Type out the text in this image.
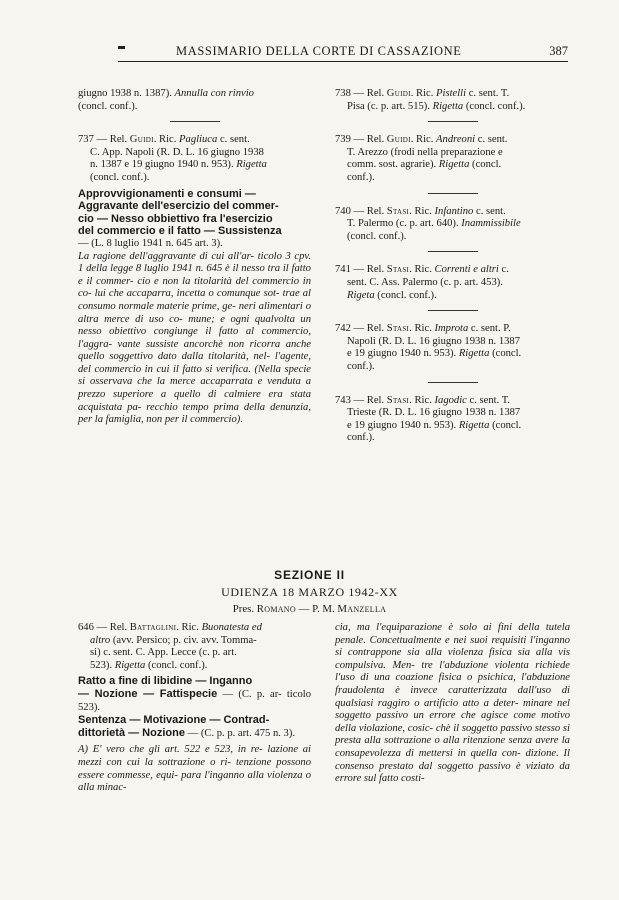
MASSIMARIO DELLA CORTE DI CASSAZIONE	387
giugno 1938 n. 1387). Annulla con rinvio
(concl. conf.).
737 — Rel. Guidi. Ric. Pagliuca c. sent.
C. App. Napoli (R. D. L. 16 giugno 1938
n. 1387 e 19 giugno 1940 n. 953). Rigetta
(concl. conf.).
Approvvigionamenti e consumi —
Aggravante dell'esercizio del commer-
cio — Nesso obbiettivo fra l'esercizio
del commercio e il fatto — Sussistenza
— (L. 8 luglio 1941 n. 645 art. 3).
La ragione dell'aggravante di cui all'ar- ticolo 3 cpv. 1 della legge 8 luglio 1941 n. 645 è il nesso tra il fatto e il commer- cio e non la titolarità del commercio in co- lui che accaparra, incetta o comunque sot- trae al consumo normale materie prime, ge- neri alimentari o altra merce di uso co- mune; e ogni qualvolta un nesso obiettivo congiunge il fatto al commercio, l'aggra- vante sussiste ancorchè non ricorra anche quello soggettivo dato dalla titolarità, nel- l'agente, del commercio in cui il fatto si verifica. (Nella specie si osservava che la merce accaparrata e venduta a prezzo superiore a quello di calmiere era stata acquistata pa- recchio tempo prima della denunzia, per la famiglia, non per il commercio).
738 — Rel. Guidi. Ric. Pistelli c. sent. T.
Pisa (c. p. art. 515). Rigetta (concl. conf.).
739 — Rel. Guidi. Ric. Andreoni c. sent.
T. Arezzo (frodi nella preparazione e
comm. sost. agrarie). Rigetta (concl.
conf.).
740 — Rel. Stasi. Ric. Infantino c. sent.
T. Palermo (c. p. art. 640). Inammissibile
(concl. conf.).
741 — Rel. Stasi. Ric. Correnti e altri c.
sent. C. Ass. Palermo (c. p. art. 453).
Rigeta (concl. conf.).
742 — Rel. Stasi. Ric. Improta c. sent. P.
Napoli (R. D. L. 16 giugno 1938 n. 1387
e 19 giugno 1940 n. 953). Rigetta (concl.
conf.).
743 — Rel. Stasi. Ric. Iagodic c. sent. T.
Trieste (R. D. L. 16 giugno 1938 n. 1387
e 19 giugno 1940 n. 953). Rigetta (concl.
conf.).
SEZIONE II
UDIENZA 18 MARZO 1942-XX
Pres. Romano — P. M. Manzella
646 — Rel. Battaglini. Ric. Buonatesta ed
altro (avv. Persico; p. civ. avv. Tomma-
si) c. sent. C. App. Lecce (c. p. art.
523). Rigetta (concl. conf.).
Ratto a fine di libidine — Inganno
— Nozione — Fattispecie — (C. p. ar- ticolo 523).
Sentenza — Motivazione — Contrad-
dittorietà — Nozione — (C. p. p. art. 475 n. 3).
A) E' vero che gli art. 522 e 523, in re- lazione ai mezzi con cui la sottrazione o ri- tenzione possono essere commesse, equi- para l'inganno alla violenza o alla minac-
cia, ma l'equiparazione è solo ai fini della tutela penale. Concettualmente e nei suoi requisiti l'inganno si contrappone sia alla violenza fisica sia alla vis compulsiva. Men- tre l'abduzione violenta richiede l'uso di una coazione fisica o psichica, l'abduzione fraudolenta è invece caratterizzata dall'uso di qualsiasi raggiro o artificio atto a deter- minare nel soggetto passivo un errore che agisce come motivo della violazione, cosic- chè il soggetto passivo stesso si presta alla sottrazione o alla ritenzione senza avere la consapevolezza di mettersi in quella con- dizione. Il consenso prestato dal soggetto passivo è viziato da errore sul fatto costi-
